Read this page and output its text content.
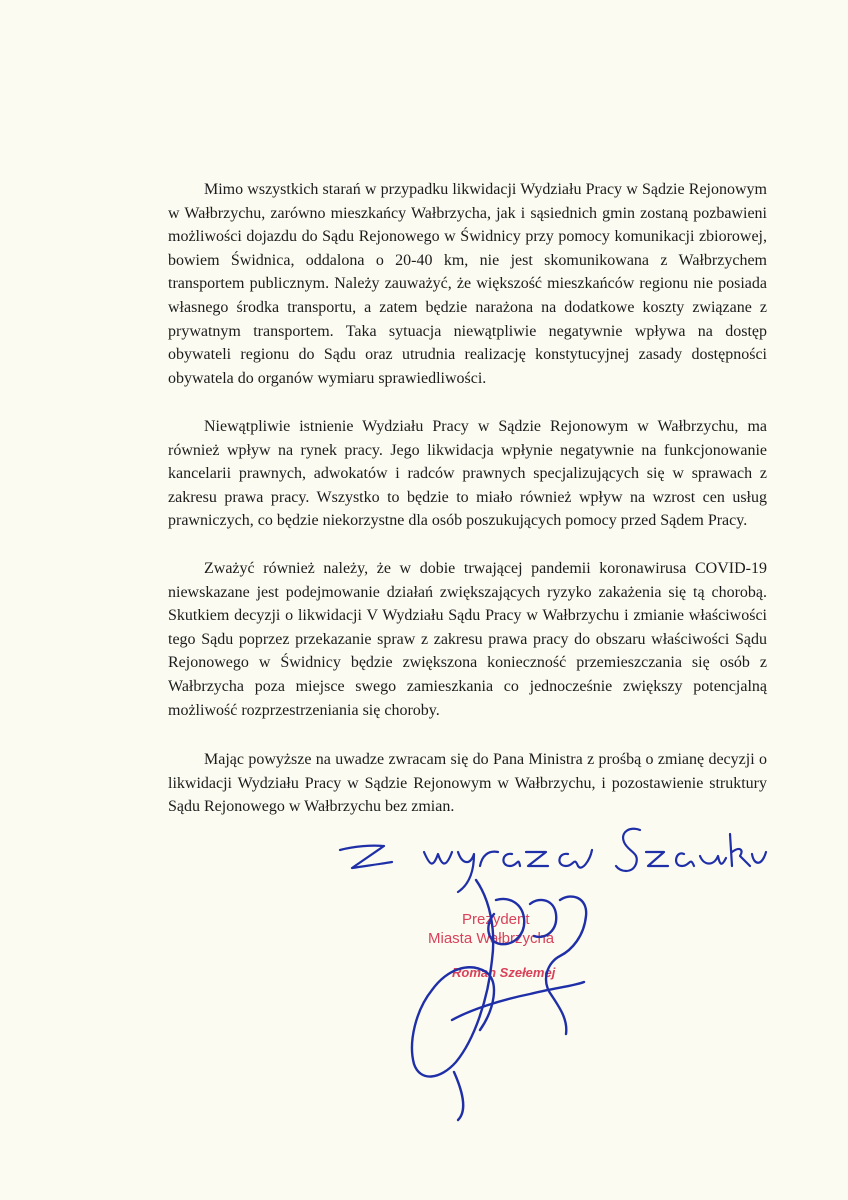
Mimo wszystkich starań w przypadku likwidacji Wydziału Pracy w Sądzie Rejonowym w Wałbrzychu, zarówno mieszkańcy Wałbrzycha, jak i sąsiednich gmin zostaną pozbawieni możliwości dojazdu do Sądu Rejonowego w Świdnicy przy pomocy komunikacji zbiorowej, bowiem Świdnica, oddalona o 20-40 km, nie jest skomunikowana z Wałbrzychem transportem publicznym. Należy zauważyć, że większość mieszkańców regionu nie posiada własnego środka transportu, a zatem będzie narażona na dodatkowe koszty związane z prywatnym transportem. Taka sytuacja niewątpliwie negatywnie wpływa na dostęp obywateli regionu do Sądu oraz utrudnia realizację konstytucyjnej zasady dostępności obywatela do organów wymiaru sprawiedliwości.

Niewątpliwie istnienie Wydziału Pracy w Sądzie Rejonowym w Wałbrzychu, ma również wpływ na rynek pracy. Jego likwidacja wpłynie negatywnie na funkcjonowanie kancelarii prawnych, adwokatów i radców prawnych specjalizujących się w sprawach z zakresu prawa pracy. Wszystko to będzie to miało również wpływ na wzrost cen usług prawniczych, co będzie niekorzystne dla osób poszukujących pomocy przed Sądem Pracy.

Zważyć również należy, że w dobie trwającej pandemii koronawirusa COVID-19 niewskazane jest podejmowanie działań zwiększających ryzyko zakażenia się tą chorobą. Skutkiem decyzji o likwidacji V Wydziału Sądu Pracy w Wałbrzychu i zmianie właściwości tego Sądu poprzez przekazanie spraw z zakresu prawa pracy do obszaru właściwości Sądu Rejonowego w Świdnicy będzie zwiększona konieczność przemieszczania się osób z Wałbrzycha poza miejsce swego zamieszkania co jednocześnie zwiększy potencjalną możliwość rozprzestrzeniania się choroby.

Mając powyższe na uwadze zwracam się do Pana Ministra z prośbą o zmianę decyzji o likwidacji Wydziału Pracy w Sądzie Rejonowym w Wałbrzychu, i pozostawienie struktury Sądu Rejonowego w Wałbrzychu bez zmian.

Prezydent
Miasta Wałbrzycha
Roman Szełemej
